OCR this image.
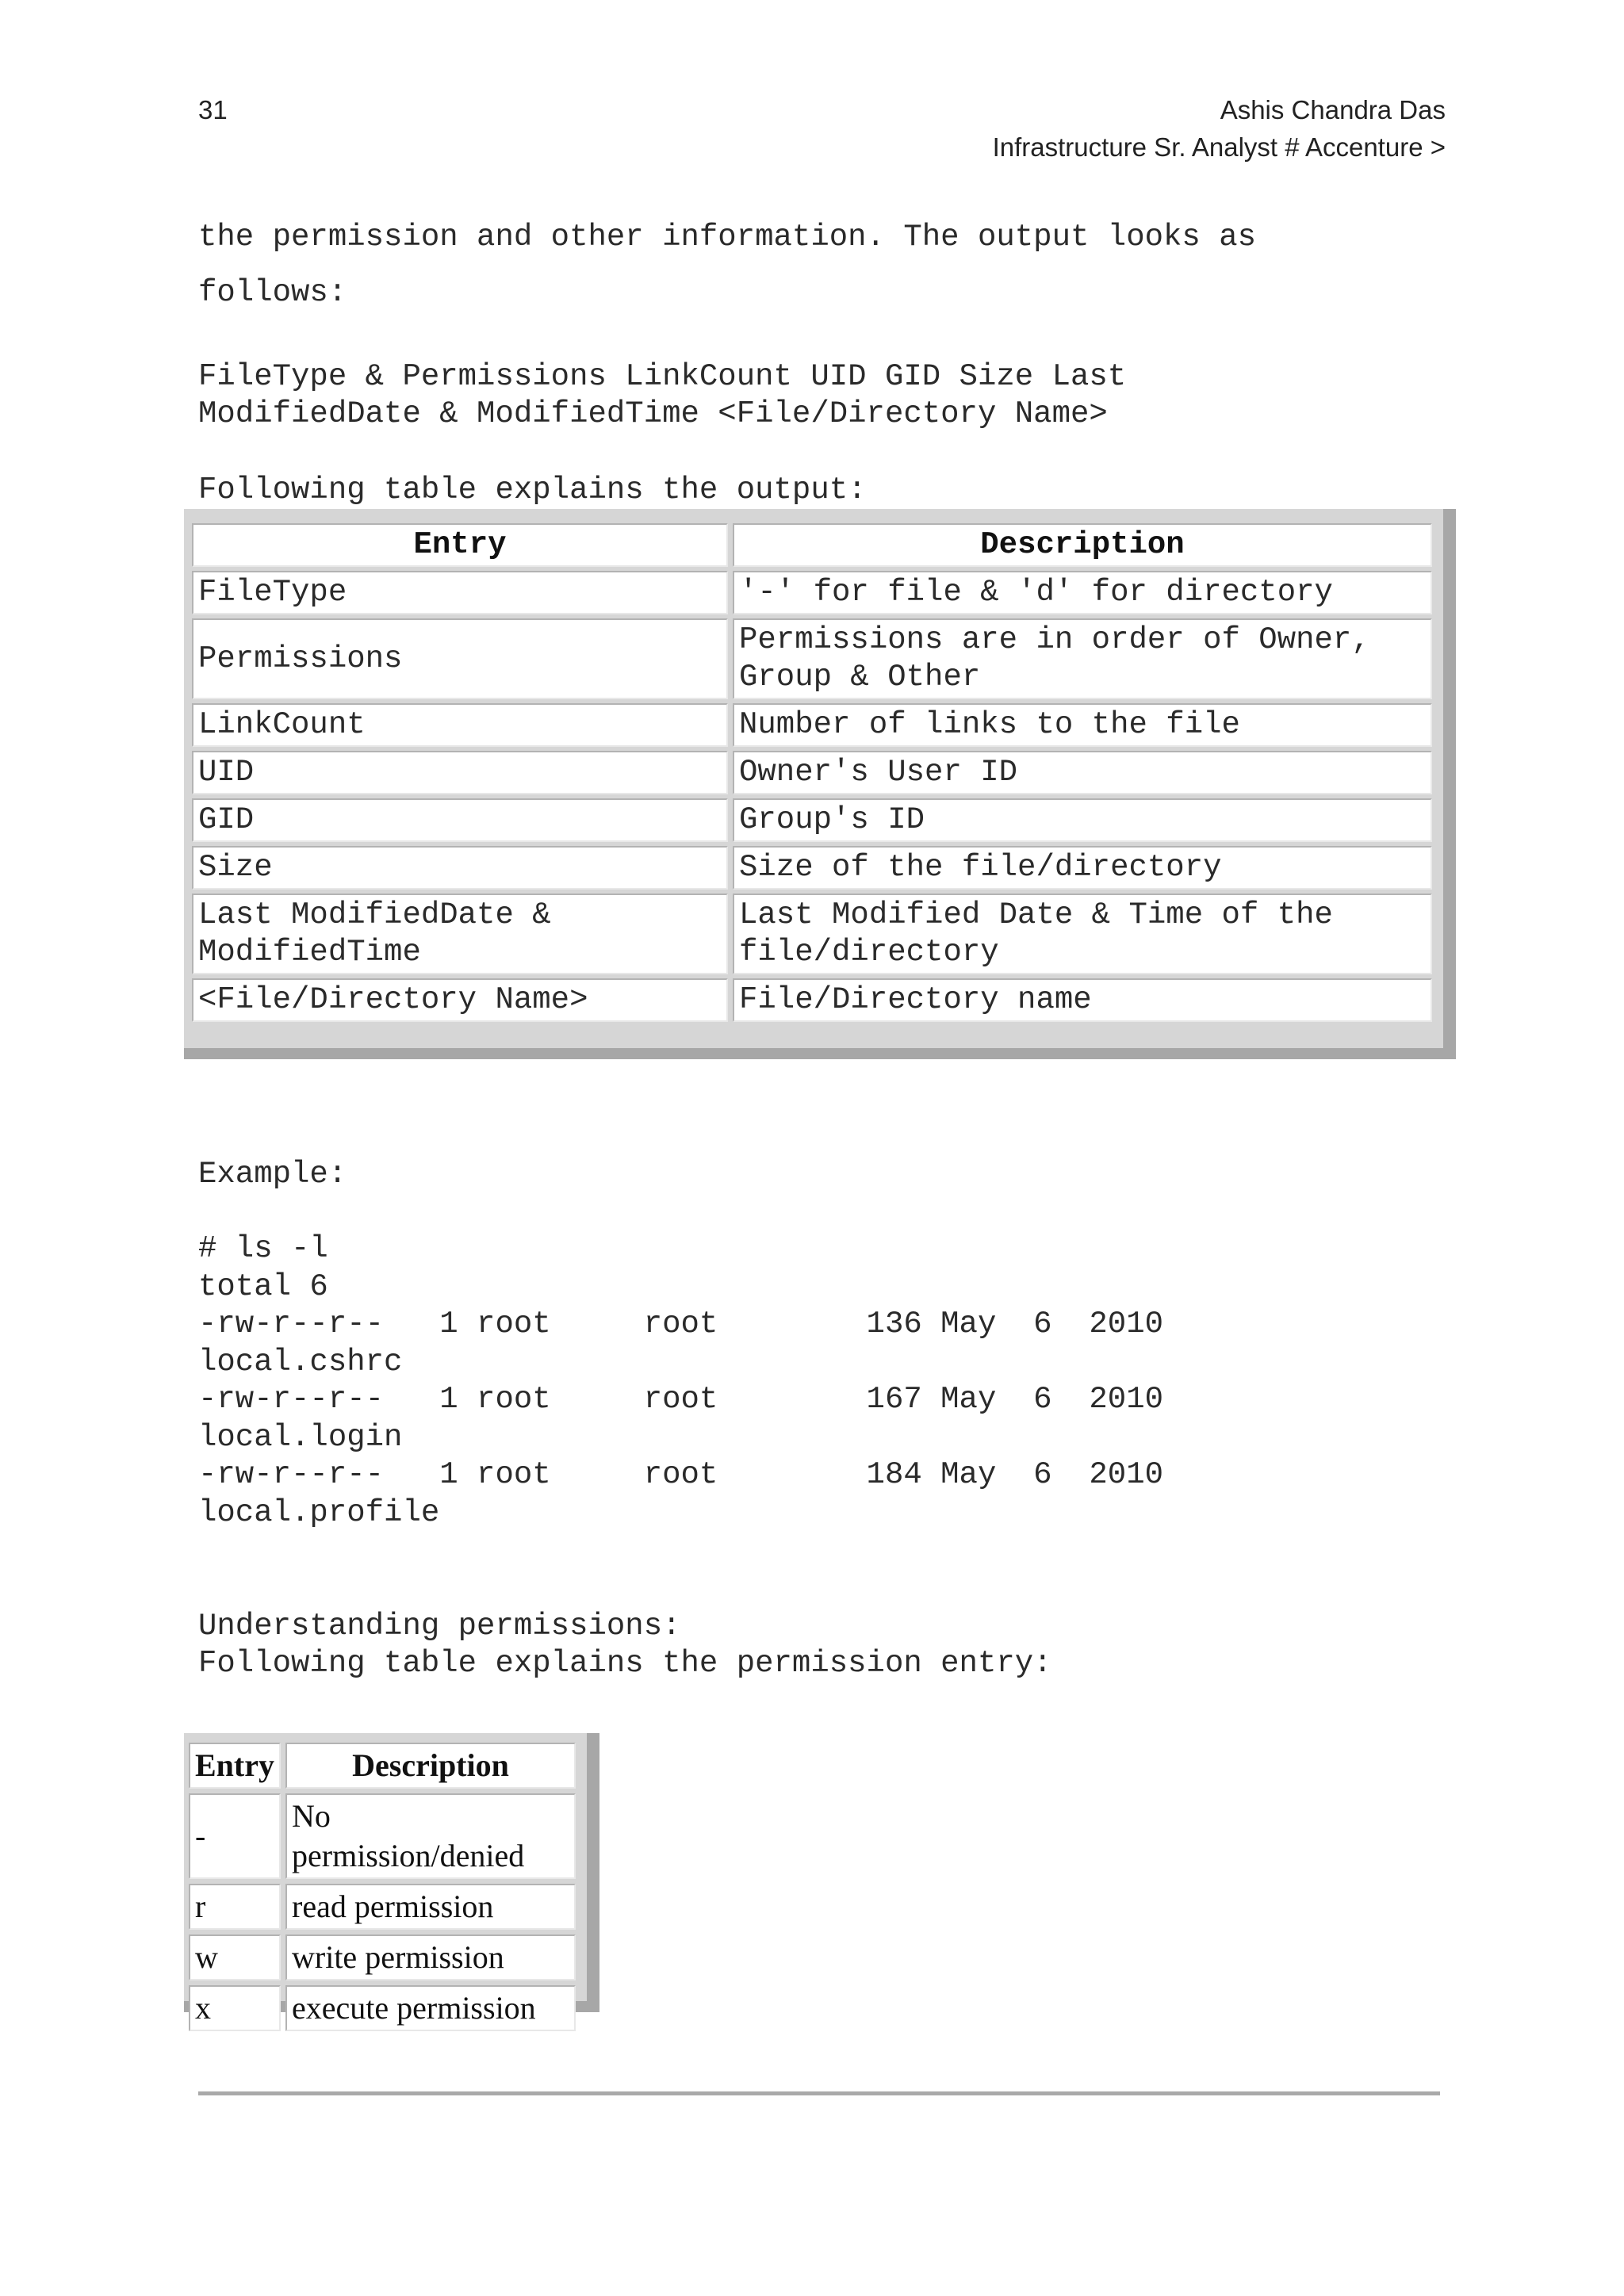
31	Ashis Chandra Das
Infrastructure Sr. Analyst # Accenture >
the permission and other information. The output looks as
follows:
FileType & Permissions LinkCount UID GID Size Last
ModifiedDate & ModifiedTime <File/Directory Name>
Following table explains the output:
Entry	Description
FileType	'-' for file & 'd' for directory
Permissions	Permissions are in order of Owner,
Group & Other
LinkCount	Number of links to the file
UID	Owner's User ID
GID	Group's ID
Size	Size of the file/directory
Last ModifiedDate &
ModifiedTime	Last Modified Date & Time of the
file/directory
<File/Directory Name>	File/Directory name
Example:
# ls -l
total 6
-rw-r--r--   1 root     root        136 May  6  2010
local.cshrc
-rw-r--r--   1 root     root        167 May  6  2010
local.login
-rw-r--r--   1 root     root        184 May  6  2010
local.profile
Understanding permissions:
Following table explains the permission entry:
Entry	Description
-	No permission/denied
r	read permission
w	write permission
x	execute permission
